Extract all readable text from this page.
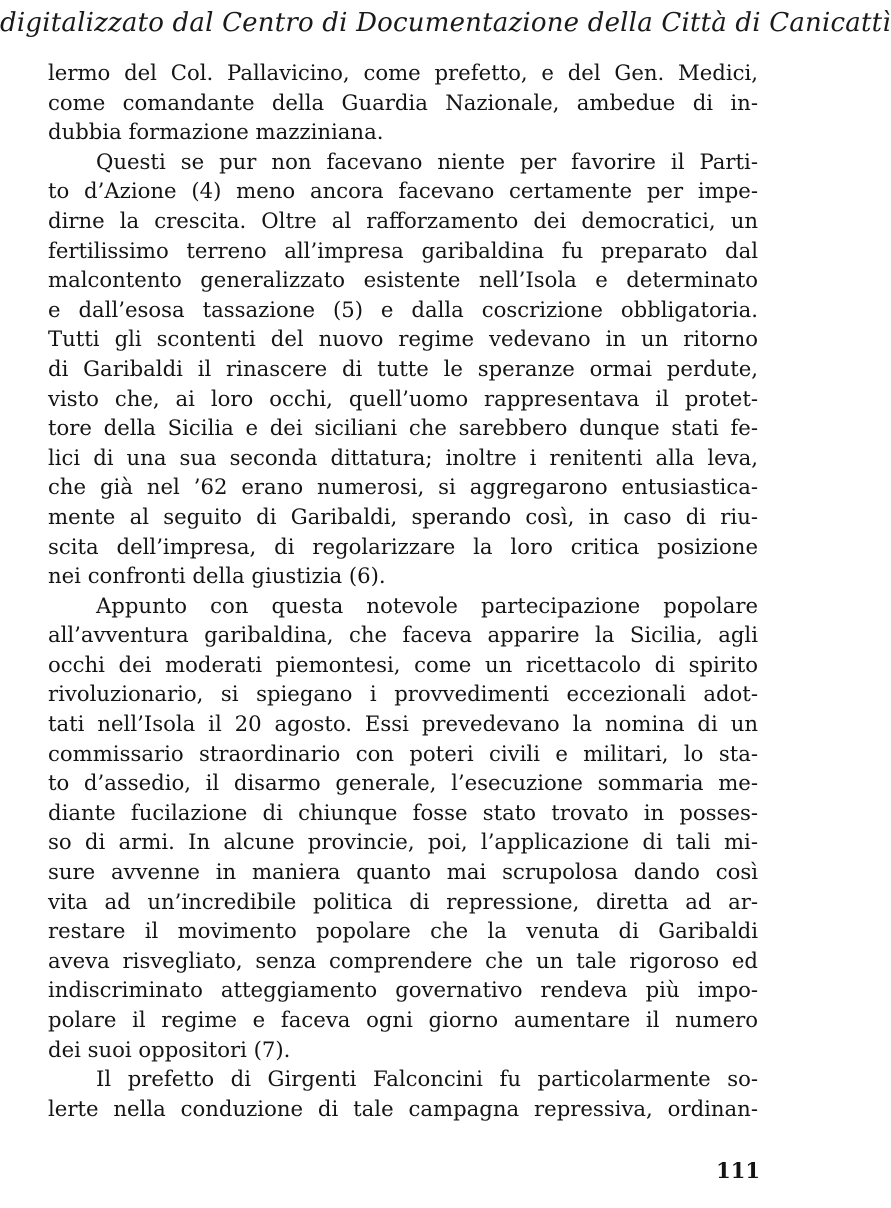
digitalizzato dal Centro di Documentazione della Città di Canicattì
lermo del Col. Pallavicino, come prefetto, e del Gen. Medici,
come comandante della Guardia Nazionale, ambedue di in-
dubbia formazione mazziniana.
Questi se pur non facevano niente per favorire il Parti-
to d’Azione (4) meno ancora facevano certamente per impe-
dirne la crescita. Oltre al rafforzamento dei democratici, un
fertilissimo terreno all’impresa garibaldina fu preparato dal
malcontento generalizzato esistente nell’Isola e determinato
e dall’esosa tassazione (5) e dalla coscrizione obbligatoria.
Tutti gli scontenti del nuovo regime vedevano in un ritorno
di Garibaldi il rinascere di tutte le speranze ormai perdute,
visto che, ai loro occhi, quell’uomo rappresentava il protet-
tore della Sicilia e dei siciliani che sarebbero dunque stati fe-
lici di una sua seconda dittatura; inoltre i renitenti alla leva,
che già nel ’62 erano numerosi, si aggregarono entusiastica-
mente al seguito di Garibaldi, sperando così, in caso di riu-
scita dell’impresa, di regolarizzare la loro critica posizione
nei confronti della giustizia (6).
Appunto con questa notevole partecipazione popolare
all’avventura garibaldina, che faceva apparire la Sicilia, agli
occhi dei moderati piemontesi, come un ricettacolo di spirito
rivoluzionario, si spiegano i provvedimenti eccezionali adot-
tati nell’Isola il 20 agosto. Essi prevedevano la nomina di un
commissario straordinario con poteri civili e militari, lo sta-
to d’assedio, il disarmo generale, l’esecuzione sommaria me-
diante fucilazione di chiunque fosse stato trovato in posses-
so di armi. In alcune provincie, poi, l’applicazione di tali mi-
sure avvenne in maniera quanto mai scrupolosa dando così
vita ad un’incredibile politica di repressione, diretta ad ar-
restare il movimento popolare che la venuta di Garibaldi
aveva risvegliato, senza comprendere che un tale rigoroso ed
indiscriminato atteggiamento governativo rendeva più impo-
polare il regime e faceva ogni giorno aumentare il numero
dei suoi oppositori (7).
Il prefetto di Girgenti Falconcini fu particolarmente so-
lerte nella conduzione di tale campagna repressiva, ordinan-
111
